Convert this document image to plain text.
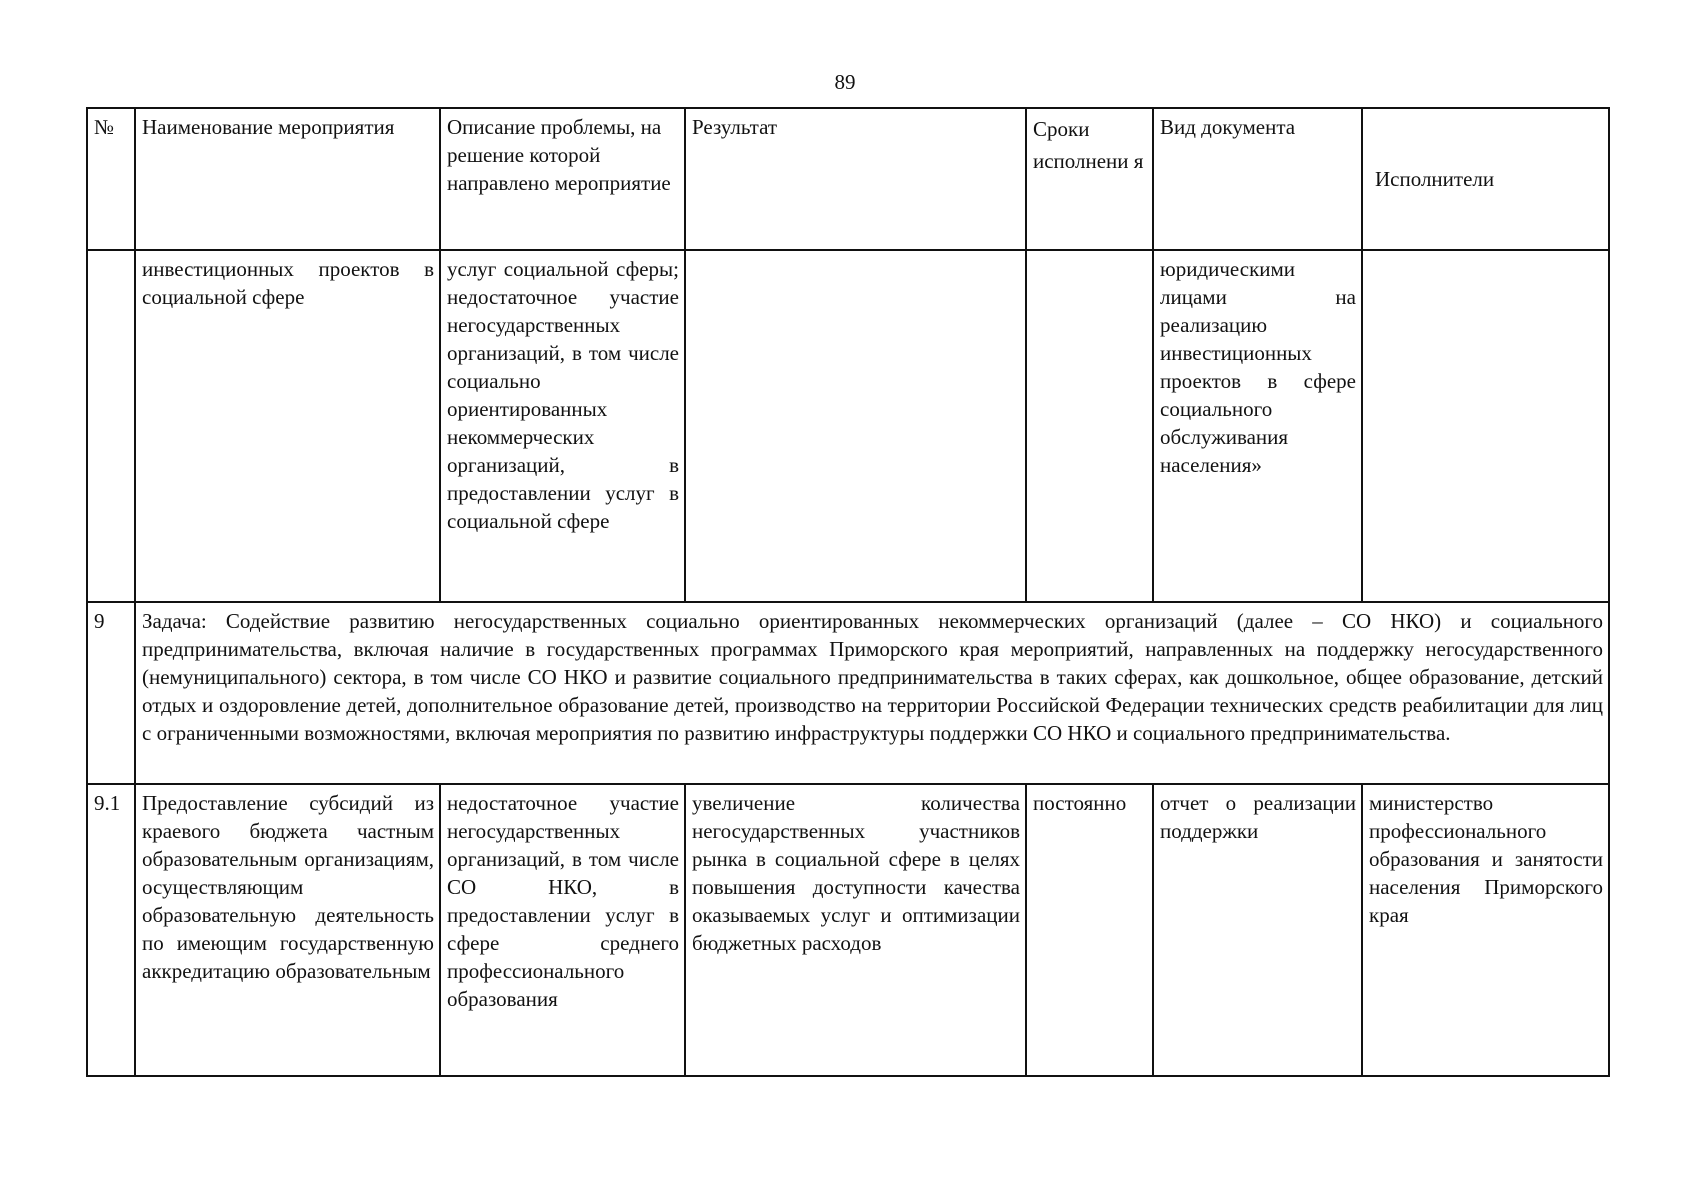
89
№	Наименование мероприятия	Описание проблемы, на решение которой направлено мероприятие	Результат	Сроки исполнени я	Вид документа	Исполнители
	инвестиционных проектов в социальной сфере	услуг социальной сферы; недостаточное участие негосударственных организаций, в том числе социально ориентированных некоммерческих организаций, в предоставлении услуг в социальной сфере			юридическими лицами на реализацию инвестиционных проектов в сфере социального обслуживания населения»	
9	Задача: Содействие развитию негосударственных социально ориентированных некоммерческих организаций (далее – СО НКО) и социального предпринимательства, включая наличие в государственных программах Приморского края мероприятий, направленных на поддержку негосударственного (немуниципального) сектора, в том числе СО НКО и развитие социального предпринимательства в таких сферах, как дошкольное, общее образование, детский отдых и оздоровление детей, дополнительное образование детей, производство на территории Российской Федерации технических средств реабилитации для лиц с ограниченными возможностями, включая мероприятия по развитию инфраструктуры поддержки СО НКО и социального предпринимательства.					
9.1	Предоставление субсидий из краевого бюджета частным образовательным организациям, осуществляющим образовательную деятельность по имеющим государственную аккредитацию образовательным	недостаточное участие негосударственных организаций, в том числе СО НКО, в предоставлении услуг в сфере среднего профессионального образования	увеличение количества негосударственных участников рынка в социальной сфере в целях повышения доступности качества оказываемых услуг и оптимизации бюджетных расходов	постоянно	отчет о реализации поддержки	министерство профессионального образования и занятости населения Приморского края
